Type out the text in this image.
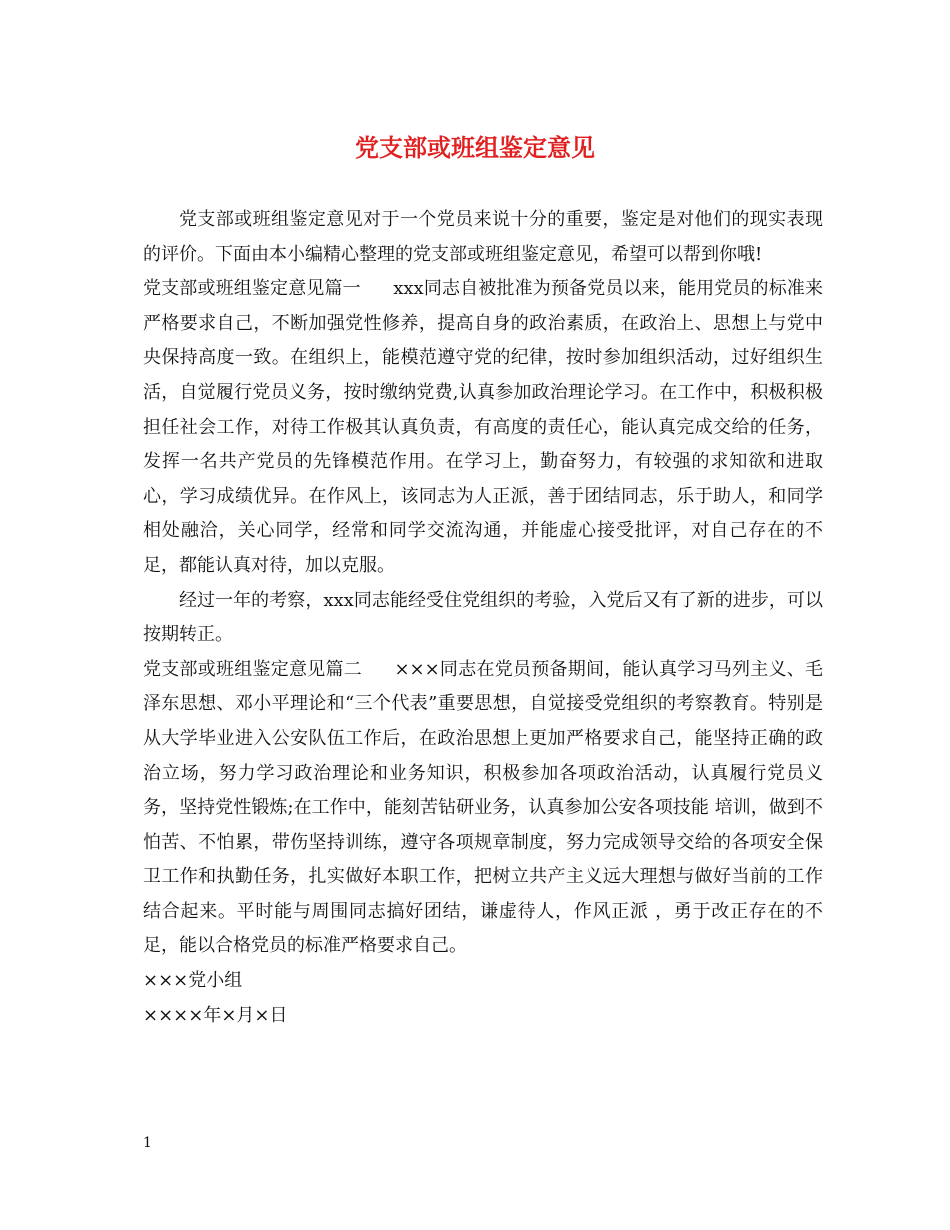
党支部或班组鉴定意见

党支部或班组鉴定意见对于一个党员来说十分的重要，鉴定是对他们的现实表现的评价。下面由本小编精心整理的党支部或班组鉴定意见，希望可以帮到你哦!

党支部或班组鉴定意见篇一 xxx同志自被批准为预备党员以来，能用党员的标准来严格要求自己，不断加强党性修养，提高自身的政治素质，在政治上、思想上与党中央保持高度一致。在组织上，能模范遵守党的纪律，按时参加组织活动，过好组织生活，自觉履行党员义务，按时缴纳党费,认真参加政治理论学习。在工作中，积极积极担任社会工作，对待工作极其认真负责，有高度的责任心，能认真完成交给的任务，发挥一名共产党员的先锋模范作用。在学习上，勤奋努力，有较强的求知欲和进取心，学习成绩优异。在作风上，该同志为人正派，善于团结同志，乐于助人，和同学相处融洽，关心同学，经常和同学交流沟通，并能虚心接受批评，对自己存在的不足，都能认真对待，加以克服。

经过一年的考察，xxx同志能经受住党组织的考验，入党后又有了新的进步，可以按期转正。

党支部或班组鉴定意见篇二 ×××同志在党员预备期间，能认真学习马列主义、毛泽东思想、邓小平理论和“三个代表”重要思想，自觉接受党组织的考察教育。特别是从大学毕业进入公安队伍工作后，在政治思想上更加严格要求自己，能坚持正确的政治立场，努力学习政治理论和业务知识，积极参加各项政治活动，认真履行党员义务，坚持党性锻炼;在工作中，能刻苦钻研业务，认真参加公安各项技能 培训，做到不怕苦、不怕累，带伤坚持训练，遵守各项规章制度，努力完成领导交给的各项安全保卫工作和执勤任务，扎实做好本职工作，把树立共产主义远大理想与做好当前的工作结合起来。平时能与周围同志搞好团结，谦虚待人，作风正派 ，勇于改正存在的不足，能以合格党员的标准严格要求自己。

×××党小组

××××年×月×日

1
